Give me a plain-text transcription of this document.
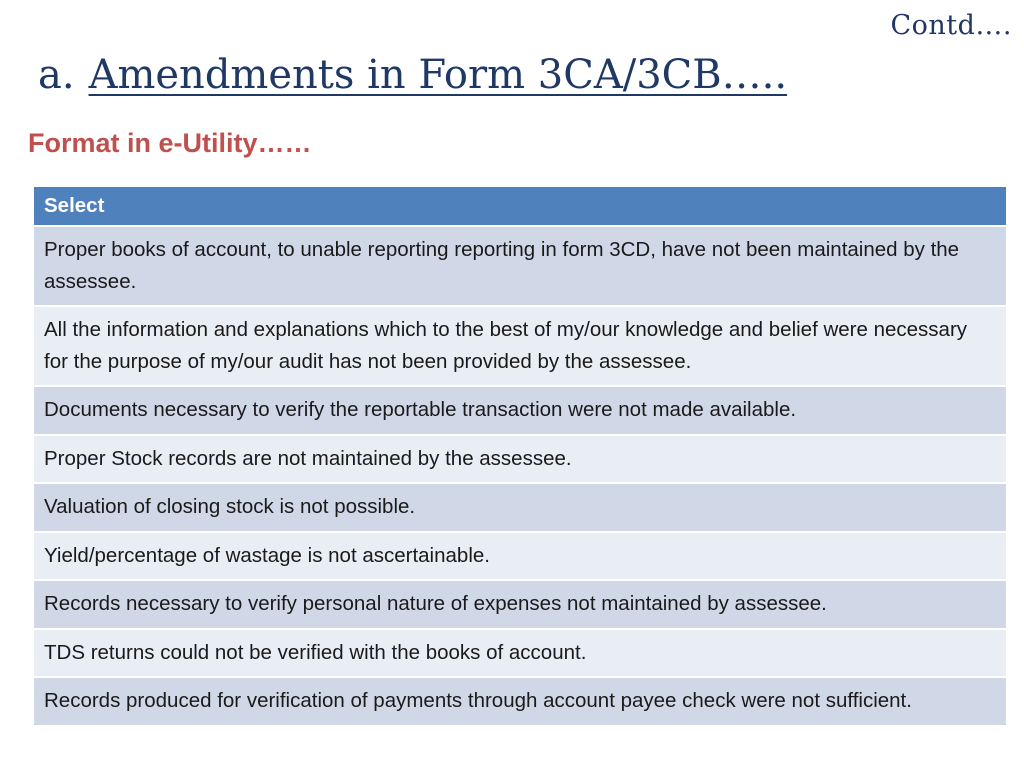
Contd….
a. Amendments in Form 3CA/3CB…..
Format in e-Utility……
Select
Proper books of account, to unable reporting reporting in form 3CD, have not been maintained by the assessee.
All the information and explanations which to the best of my/our knowledge and belief were necessary for the purpose of my/our audit has not been provided by the assessee.
Documents necessary to verify the reportable transaction were not made available.
Proper Stock records are not maintained by the assessee.
Valuation of closing stock is not possible.
Yield/percentage of wastage is not ascertainable.
Records necessary to verify personal nature of expenses not maintained by assessee.
TDS returns could not be verified with the books of account.
Records produced for verification of payments through account payee check were not sufficient.
